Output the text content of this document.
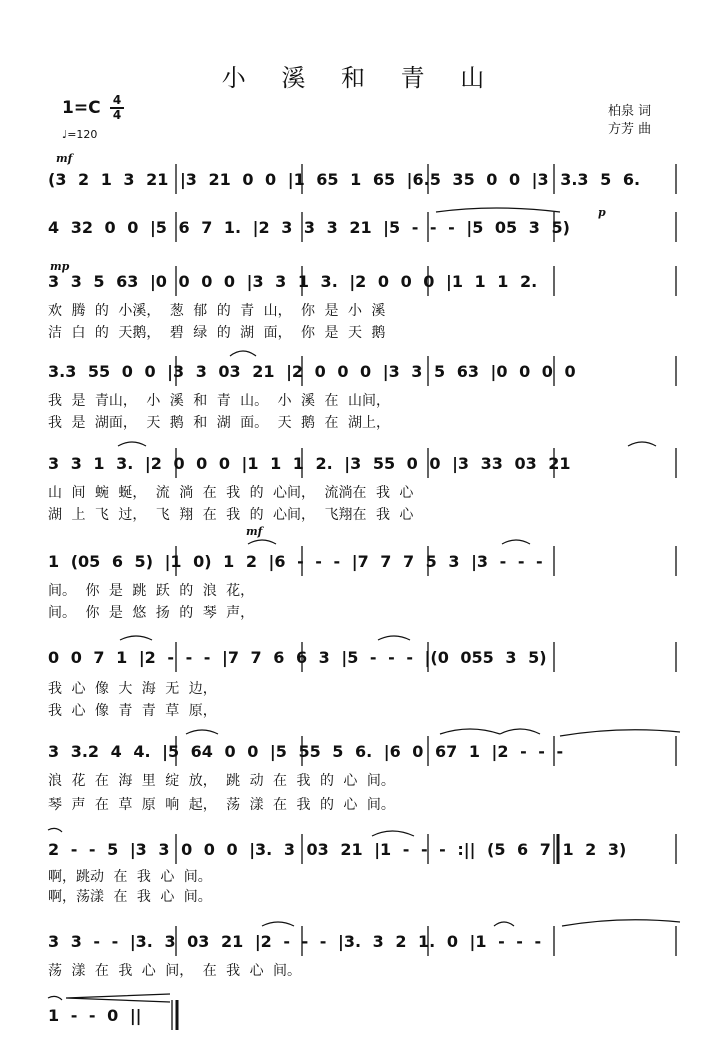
小 溪 和 青 山
1=C 4
4
♩=120
柏泉 词
方芳 曲
mf
p
mp
mf
(3 2 1 3 21 |3 21 0 0 |1 65 1 65 |6.5 35 0 0 |3 3.3 5 6.
4 32 0 0 |5 6 7 1. |2 3 3 3 21 |5 - - - |5 05 3 5)
3 3 5 63 |0 0 0 0 |3 3 1 3. |2 0 0 0 |1 1 1 2.
欢 腾 的 小溪， 葱 郁 的 青 山， 你 是 小 溪
洁 白 的 天鹅， 碧 绿 的 湖 面， 你 是 天 鹅
3.3 55 0 0 |3 3 03 21 |2 0 0 0 |3 3 5 63 |0 0 0 0
我 是 青山， 小 溪 和 青 山。 小 溪 在 山间，
我 是 湖面， 天 鹅 和 湖 面。 天 鹅 在 湖上，
3 3 1 3. |2 0 0 0 |1 1 1 2. |3 55 0 0 |3 33 03 21
山 间 蜿 蜒， 流 淌 在 我 的 心间， 流淌在 我 心
湖 上 飞 过， 飞 翔 在 我 的 心间， 飞翔在 我 心
1 (05 6 5) |1 0) 1 2 |6 - - - |7 7 7 5 3 |3 - - -
间。 你 是 跳 跃 的 浪 花，
间。 你 是 悠 扬 的 琴 声，
0 0 7 1 |2 - - - |7 7 6 6 3 |5 - - - |(0 055 3 5)
我 心 像 大 海 无 边，
我 心 像 青 青 草 原，
3 3.2 4 4. |5 64 0 0 |5 55 5 6. |6 0 67 1 |2 - - -
浪 花 在 海 里 绽 放， 跳 动 在 我 的 心 间。
琴 声 在 草 原 响 起， 荡 漾 在 我 的 心 间。
2 - - 5 |3 3 0 0 0 |3. 3 03 21 |1 - - - :|| (5 6 7 1 2 3)
啊，跳动 在 我 心 间。
啊，荡漾 在 我 心 间。
3 3 - - |3. 3 03 21 |2 - - - |3. 3 2 1. 0 |1 - - -
荡 漾 在 我 心 间， 在 我 心 间。
1 - - 0 ||
